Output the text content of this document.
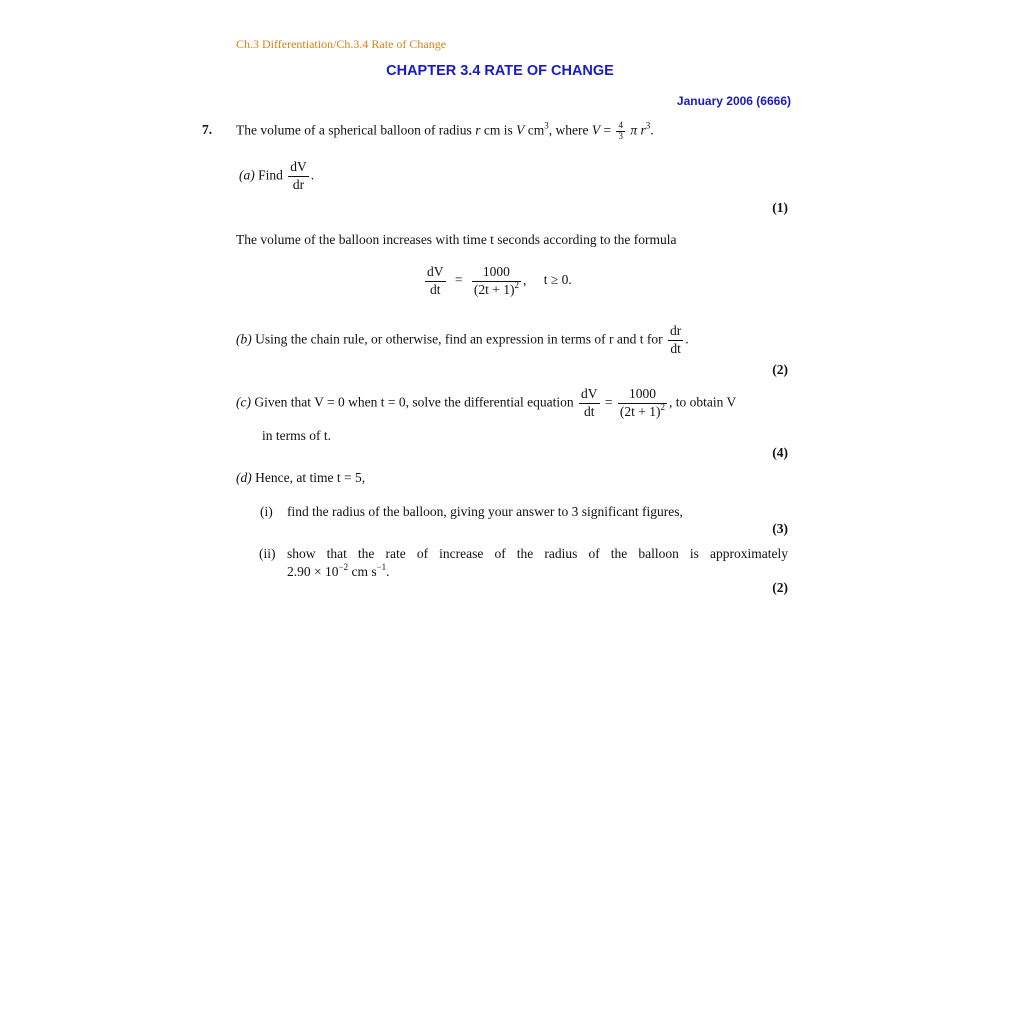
Ch.3 Differentiation/Ch.3.4 Rate of Change
CHAPTER 3.4 RATE OF CHANGE
January 2006 (6666)
7. The volume of a spherical balloon of radius r cm is V $cm^3$, where $V = \frac{4}{3}$ π $r^3$.
(a) Find $\frac{dV}{dr}$ .
(1)
The volume of the balloon increases with time t seconds according to the formula
$\frac{dV}{dt} = \frac{1000}{(2t + 1)^2}$ , t ≥ 0.
(b) Using the chain rule, or otherwise, find an expression in terms of r and t for $\frac{dr}{dt}$ .
(2)
(c) Given that V = 0 when t = 0, solve the differential equation $\frac{dV}{dt} = \frac{1000}{(2t + 1)^2}$ , to obtain V
in terms of t.
(4)
(d) Hence, at time t = 5,
(i) find the radius of the balloon, giving your answer to 3 significant figures,
(3)
(ii) show that the rate of increase of the radius of the balloon is approximately
$2.90 \times 10^{-2}$ cm $s^{-1}$.
(2)
